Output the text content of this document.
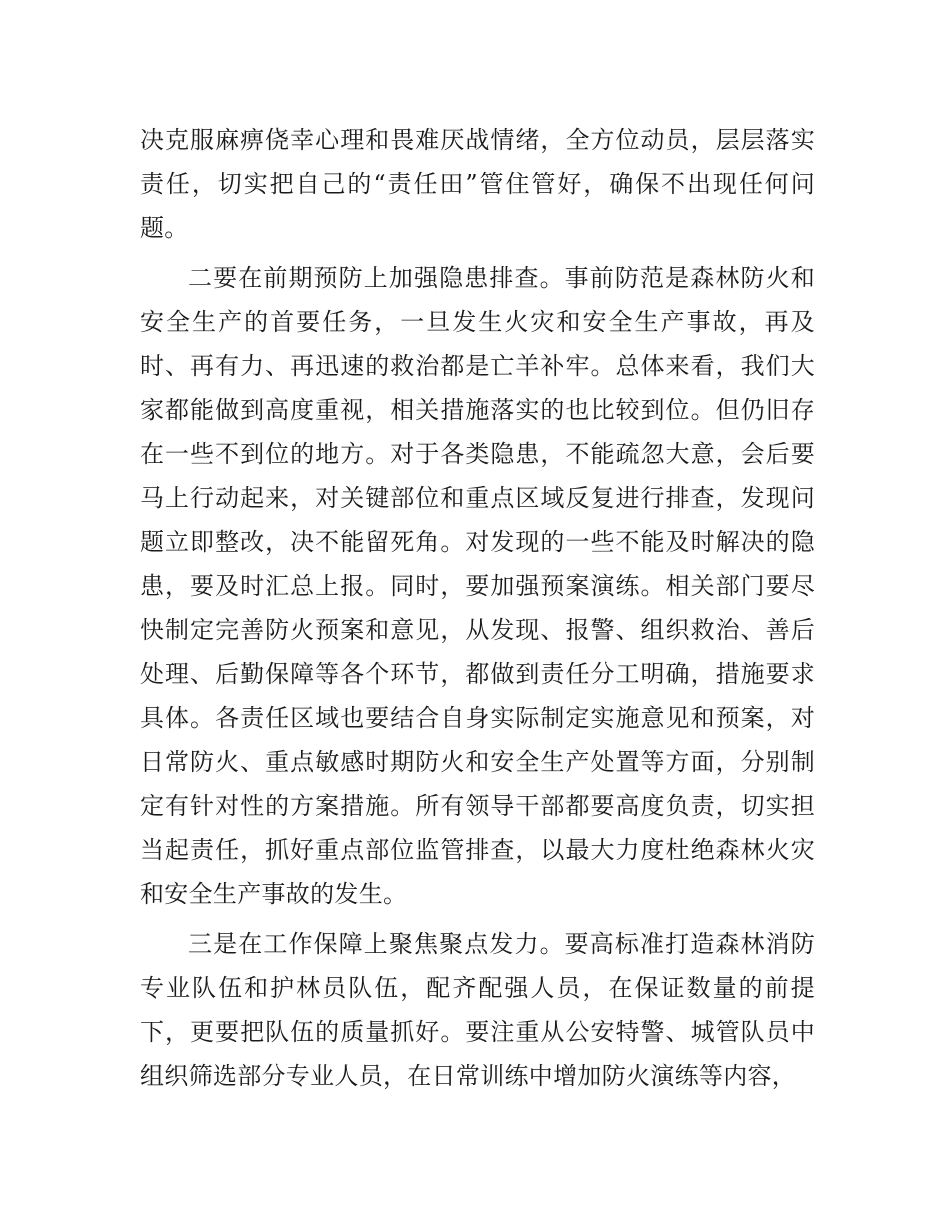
决克服麻痹侥幸心理和畏难厌战情绪，全方位动员，层层落实责任，切实把自己的“责任田”管住管好，确保不出现任何问题。

二要在前期预防上加强隐患排查。事前防范是森林防火和安全生产的首要任务，一旦发生火灾和安全生产事故，再及时、再有力、再迅速的救治都是亡羊补牢。总体来看，我们大家都能做到高度重视，相关措施落实的也比较到位。但仍旧存在一些不到位的地方。对于各类隐患，不能疏忽大意，会后要马上行动起来，对关键部位和重点区域反复进行排查，发现问题立即整改，决不能留死角。对发现的一些不能及时解决的隐患，要及时汇总上报。同时，要加强预案演练。相关部门要尽快制定完善防火预案和意见，从发现、报警、组织救治、善后处理、后勤保障等各个环节，都做到责任分工明确，措施要求具体。各责任区域也要结合自身实际制定实施意见和预案，对日常防火、重点敏感时期防火和安全生产处置等方面，分别制定有针对性的方案措施。所有领导干部都要高度负责，切实担当起责任，抓好重点部位监管排查，以最大力度杜绝森林火灾和安全生产事故的发生。

三是在工作保障上聚焦聚点发力。要高标准打造森林消防专业队伍和护林员队伍，配齐配强人员，在保证数量的前提下，更要把队伍的质量抓好。要注重从公安特警、城管队员中组织筛选部分专业人员，在日常训练中增加防火演练等内容，
